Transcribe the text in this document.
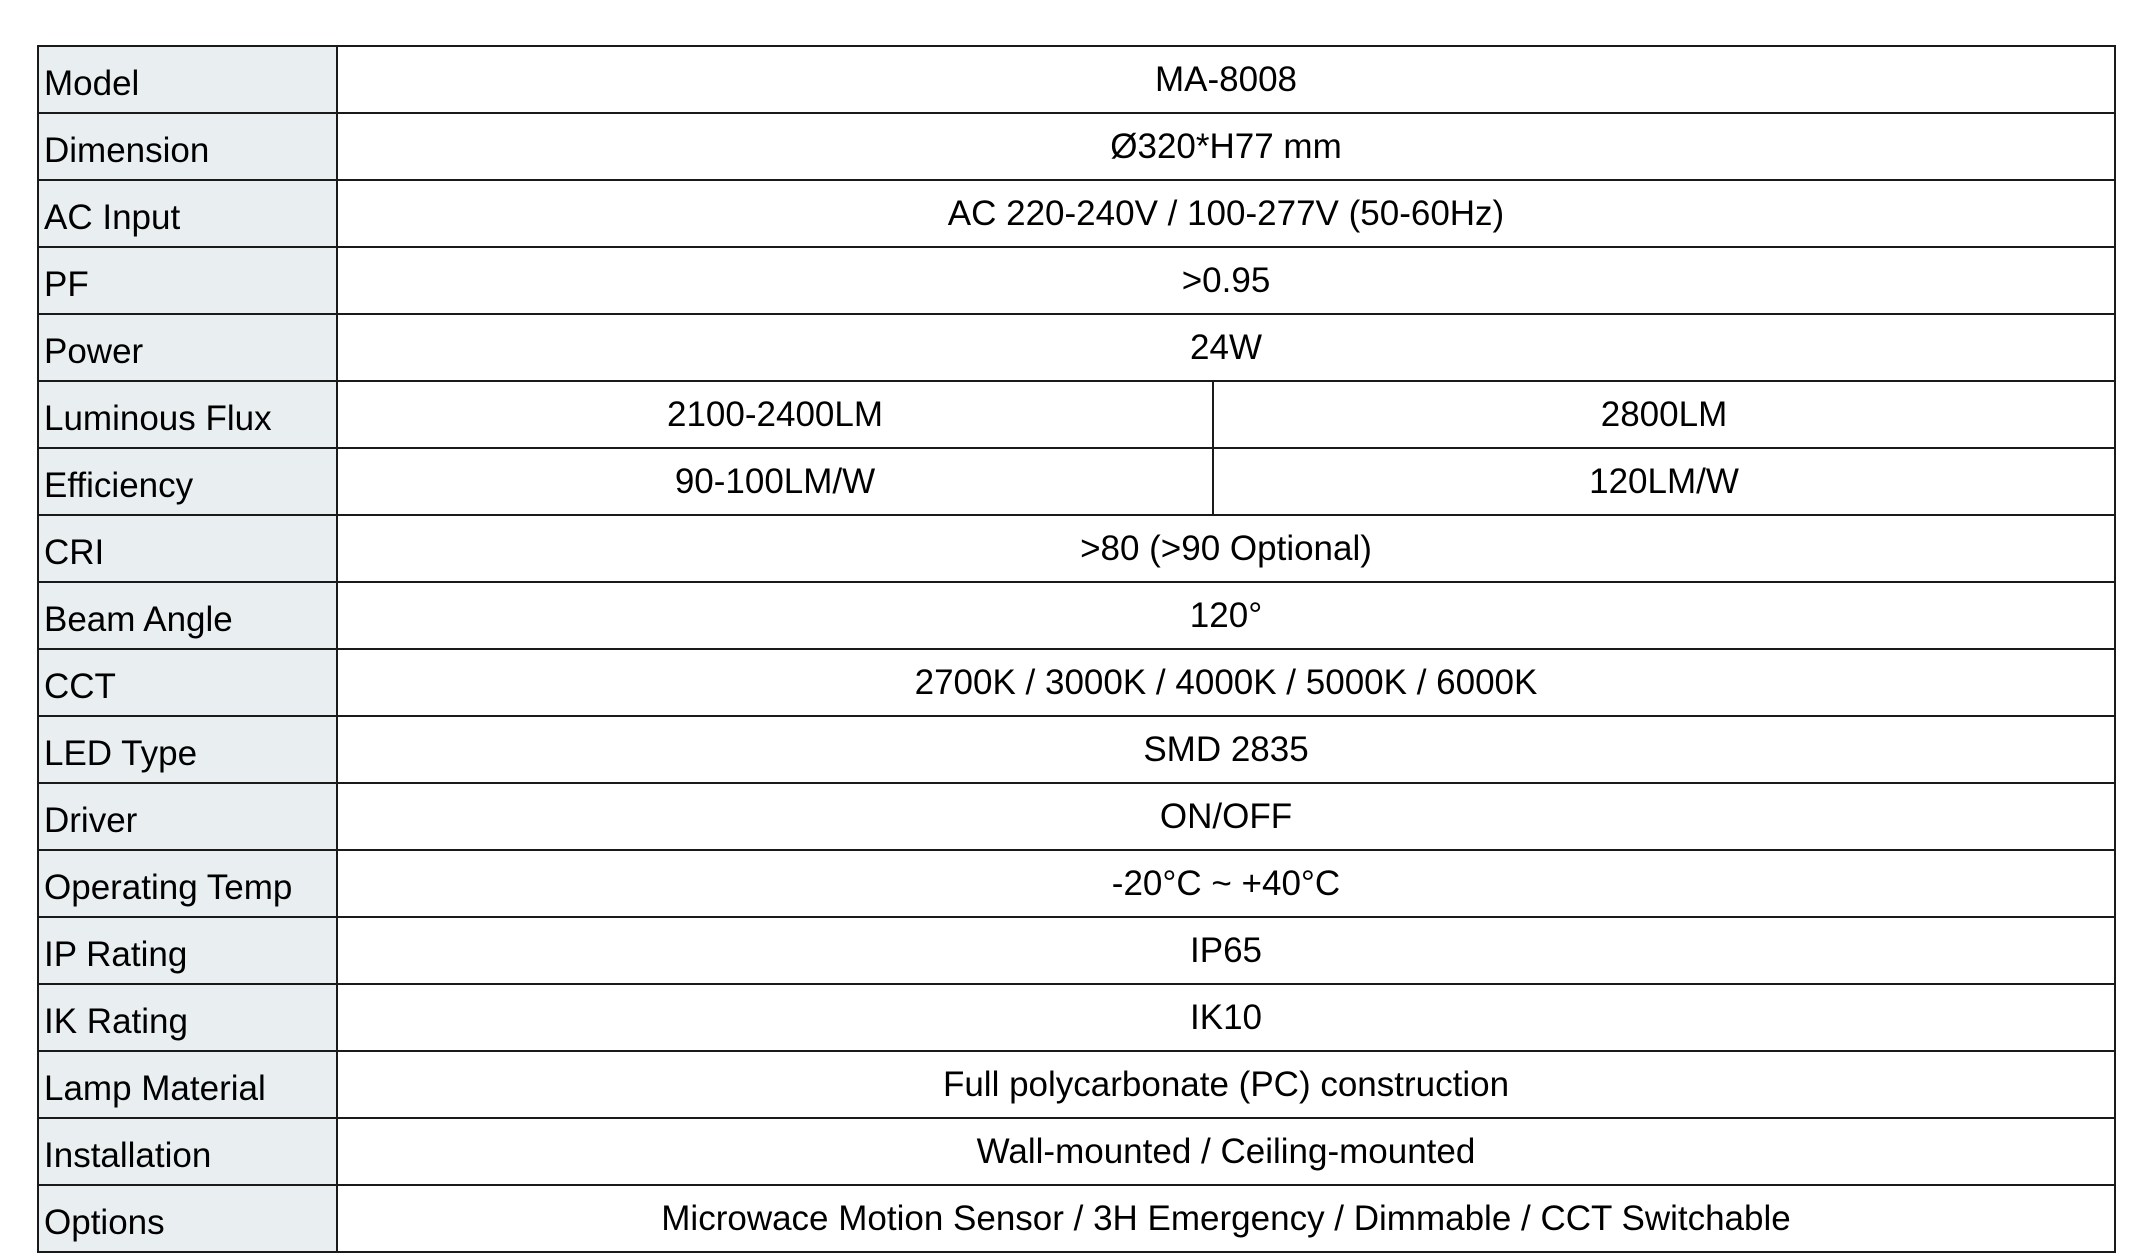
Model	MA-8008	
Dimension	Ø320*H77 mm	
AC Input	AC 220-240V / 100-277V (50-60Hz)	
PF	>0.95	
Power	24W	
Luminous Flux	2100-2400LM	2800LM
Efficiency	90-100LM/W	120LM/W
CRI	>80 (>90 Optional)	
Beam Angle	120°	
CCT	2700K / 3000K / 4000K / 5000K / 6000K	
LED Type	SMD 2835	
Driver	ON/OFF	
Operating Temp	-20°C ~ +40°C	
IP Rating	IP65	
IK Rating	IK10	
Lamp Material	Full polycarbonate (PC) construction	
Installation	Wall-mounted / Ceiling-mounted	
Options	Microwace Motion Sensor / 3H Emergency / Dimmable / CCT Switchable	
